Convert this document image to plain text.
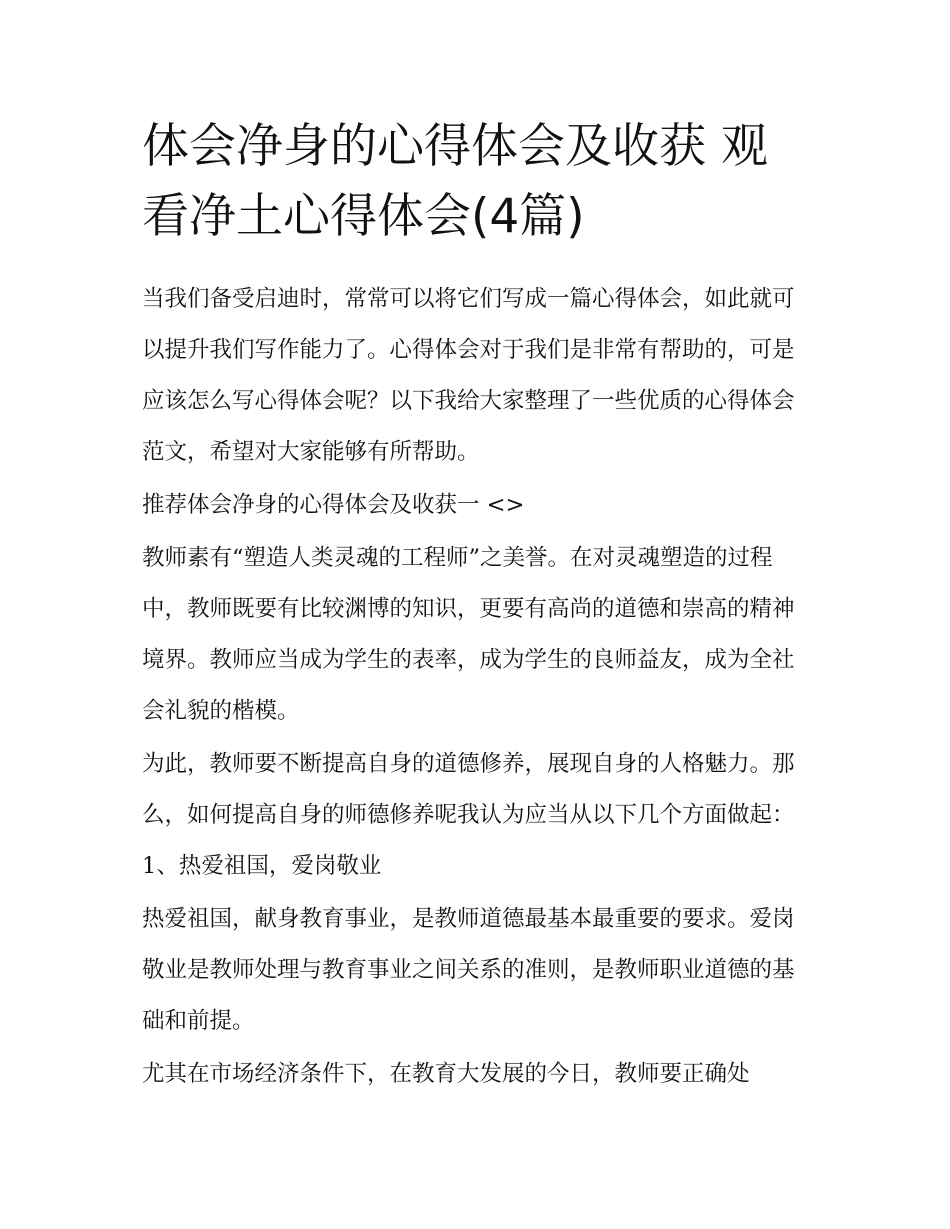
体会净身的心得体会及收获 观看净土心得体会(4篇)

当我们备受启迪时，常常可以将它们写成一篇心得体会，如此就可以提升我们写作能力了。心得体会对于我们是非常有帮助的，可是应该怎么写心得体会呢？以下我给大家整理了一些优质的心得体会范文，希望对大家能够有所帮助。

推荐体会净身的心得体会及收获一 <>

教师素有“塑造人类灵魂的工程师”之美誉。在对灵魂塑造的过程中，教师既要有比较渊博的知识，更要有高尚的道德和崇高的精神境界。教师应当成为学生的表率，成为学生的良师益友，成为全社会礼貌的楷模。

为此，教师要不断提高自身的道德修养，展现自身的人格魅力。那么，如何提高自身的师德修养呢我认为应当从以下几个方面做起： 1、热爱祖国，爱岗敬业

热爱祖国，献身教育事业，是教师道德最基本最重要的要求。爱岗敬业是教师处理与教育事业之间关系的准则，是教师职业道德的基础和前提。

尤其在市场经济条件下，在教育大发展的今日，教师要正确处
